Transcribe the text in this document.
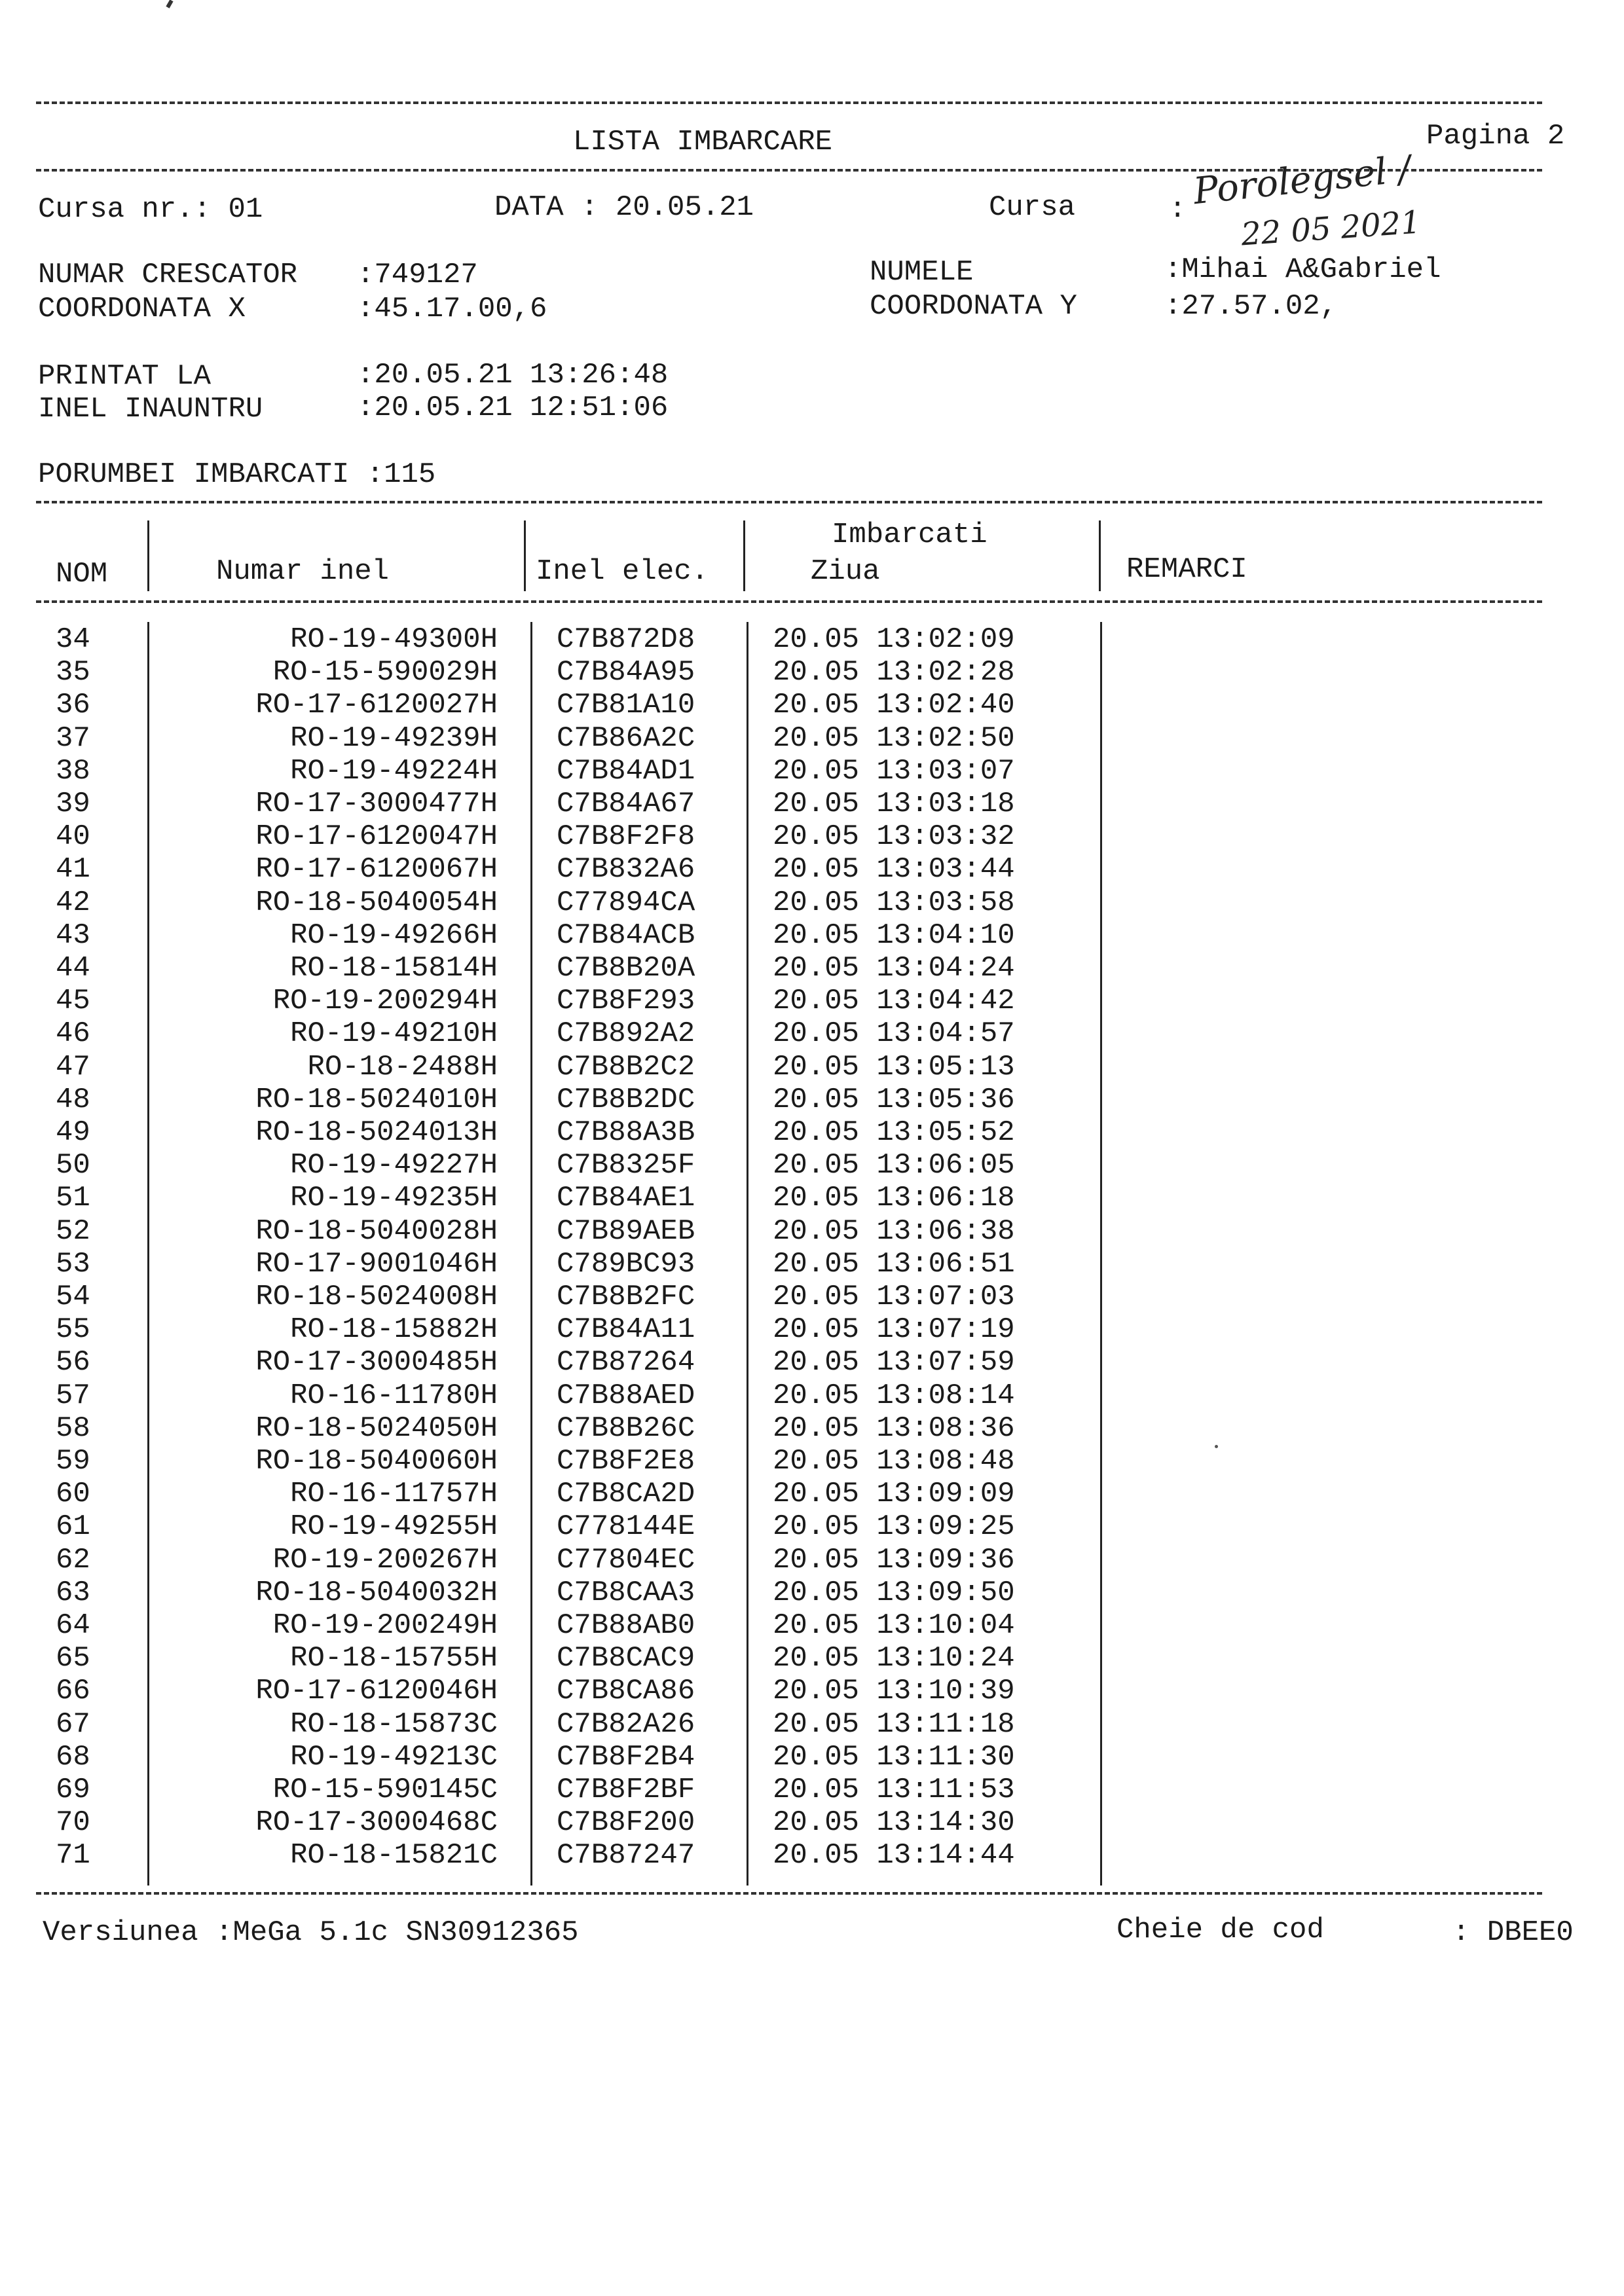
LISTA IMBARCARE	Pagina 2
Cursa nr.: 01	DATA : 20.05.21	Cursa	: Porolegsel /
22 05 2021
NUMAR CRESCATOR :749127	NUMELE	:Mihai A&Gabriel
COORDONATA X	:45.17.00,6	COORDONATA Y	:27.57.02,
PRINTAT LA	:20.05.21 13:26:48
INEL INAUNTRU	:20.05.21 12:51:06
PORUMBEI IMBARCATI :115
NOM	Numar inel	Inel elec.
Imbarcati
Ziua	REMARCI
34	RO-19-49300H C7B872D8	20.05 13:02:09
35	RO-15-590029H C7B84A95	20.05 13:02:28
36	RO-17-6120027H C7B81A10	20.05 13:02:40
37	RO-19-49239H C7B86A2C	20.05 13:02:50
38	RO-19-49224H C7B84AD1	20.05 13:03:07
39	RO-17-3000477H C7B84A67	20.05 13:03:18
40	RO-17-6120047H C7B8F2F8	20.05 13:03:32
41	RO-17-6120067H C7B832A6	20.05 13:03:44
42	RO-18-5040054H C77894CA	20.05 13:03:58
43	RO-19-49266H C7B84ACB	20.05 13:04:10
44	RO-18-15814H C7B8B20A	20.05 13:04:24
45	RO-19-200294H C7B8F293	20.05 13:04:42
46	RO-19-49210H C7B892A2	20.05 13:04:57
47	RO-18-2488H C7B8B2C2	20.05 13:05:13
48	RO-18-5024010H C7B8B2DC	20.05 13:05:36
49	RO-18-5024013H C7B88A3B	20.05 13:05:52
50	RO-19-49227H C7B8325F	20.05 13:06:05
51	RO-19-49235H C7B84AE1	20.05 13:06:18
52	RO-18-5040028H C7B89AEB	20.05 13:06:38
53	RO-17-9001046H C789BC93	20.05 13:06:51
54	RO-18-5024008H C7B8B2FC	20.05 13:07:03
55	RO-18-15882H C7B84A11	20.05 13:07:19
56	RO-17-3000485H C7B87264	20.05 13:07:59
57	RO-16-11780H C7B88AED	20.05 13:08:14
58	RO-18-5024050H C7B8B26C	20.05 13:08:36
59	RO-18-5040060H C7B8F2E8	20.05 13:08:48
60	RO-16-11757H C7B8CA2D	20.05 13:09:09
61	RO-19-49255H C778144E	20.05 13:09:25
62	RO-19-200267H C77804EC	20.05 13:09:36
63	RO-18-5040032H C7B8CAA3	20.05 13:09:50
64	RO-19-200249H C7B88AB0	20.05 13:10:04
65	RO-18-15755H C7B8CAC9	20.05 13:10:24
66	RO-17-6120046H C7B8CA86	20.05 13:10:39
67	RO-18-15873C C7B82A26	20.05 13:11:18
68	RO-19-49213C C7B8F2B4	20.05 13:11:30
69	RO-15-590145C C7B8F2BF	20.05 13:11:53
70	RO-17-3000468C C7B8F200	20.05 13:14:30
71	RO-18-15821C C7B87247	20.05 13:14:44
Versiunea :MeGa 5.1c SN30912365	Cheie de cod	: DBEE0
